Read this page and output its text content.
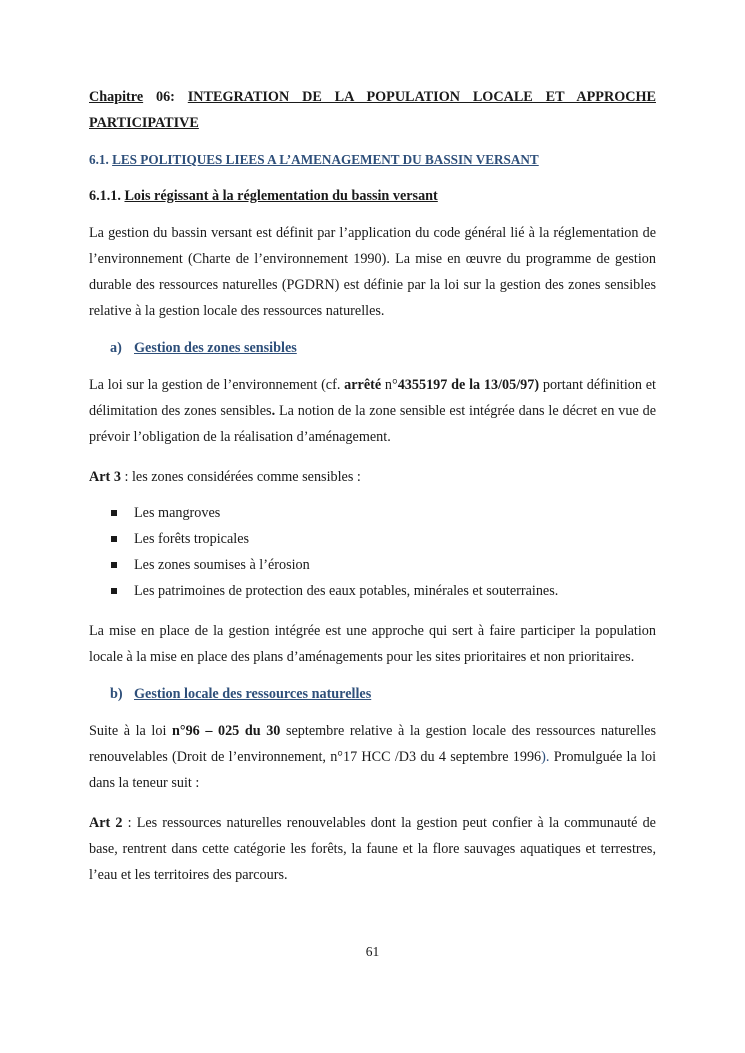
Chapitre 06: INTEGRATION DE LA POPULATION LOCALE ET APPROCHE PARTICIPATIVE

6.1. LES POLITIQUES LIEES A L’AMENAGEMENT DU BASSIN VERSANT

6.1.1. Lois régissant à la réglementation du bassin versant

La gestion du bassin versant est définit par l’application du code général lié à la réglementation de l’environnement (Charte de l’environnement 1990). La mise en œuvre du programme de gestion durable des ressources naturelles (PGDRN) est définie par la loi sur la gestion des zones sensibles relative à la gestion locale des ressources naturelles.

a) Gestion des zones sensibles

La loi sur la gestion de l’environnement (cf. arrêté n°4355197 de la 13/05/97) portant définition et délimitation des zones sensibles. La notion de la zone sensible est intégrée dans le décret en vue de prévoir l’obligation de la réalisation d’aménagement.

Art 3 : les zones considérées comme sensibles :

Les mangroves
Les forêts tropicales
Les zones soumises à l’érosion
Les patrimoines de protection des eaux potables, minérales et souterraines.

La mise en place de la gestion intégrée est une approche qui sert à faire participer la population locale à la mise en place des plans d’aménagements pour les sites prioritaires et non prioritaires.

b) Gestion locale des ressources naturelles

Suite à la loi n°96 – 025 du 30 septembre relative à la gestion locale des ressources naturelles renouvelables (Droit de l’environnement, n°17 HCC /D3 du 4 septembre 1996). Promulguée la loi dans la teneur suit :

Art 2 : Les ressources naturelles renouvelables dont la gestion peut confier à la communauté de base, rentrent dans cette catégorie les forêts, la faune et la flore sauvages aquatiques et terrestres, l’eau et les territoires des parcours.

61
